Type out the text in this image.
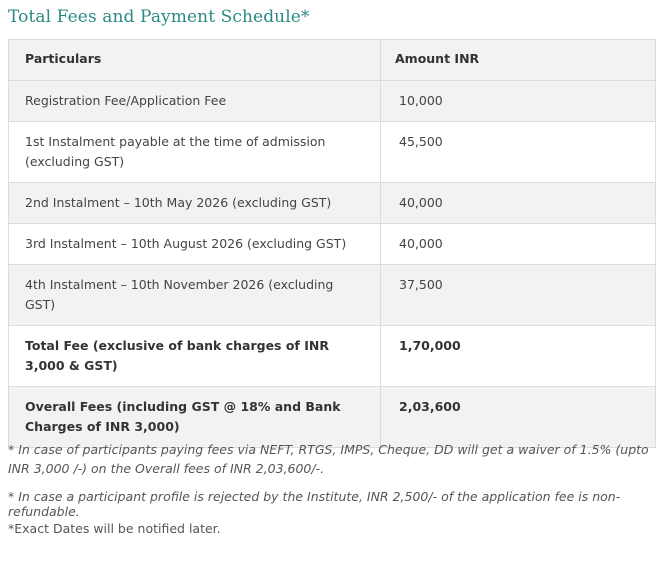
Total Fees and Payment Schedule*
Particulars	Amount INR
Registration Fee/Application Fee	10,000
1st Instalment payable at the time of admission (excluding GST)	45,500
2nd Instalment – 10th May 2026 (excluding GST)	40,000
3rd Instalment – 10th August 2026 (excluding GST)	40,000
4th Instalment – 10th November 2026 (excluding GST)	37,500
Total Fee (exclusive of bank charges of INR 3,000 & GST)	1,70,000
Overall Fees (including GST @ 18% and Bank Charges of INR 3,000)	2,03,600

* In case of participants paying fees via NEFT, RTGS, IMPS, Cheque, DD will get a waiver of 1.5% (upto INR 3,000 /-) on the Overall fees of INR 2,03,600/-.

* In case a participant profile is rejected by the Institute, INR 2,500/- of the application fee is non-refundable.
*Exact Dates will be notified later.
